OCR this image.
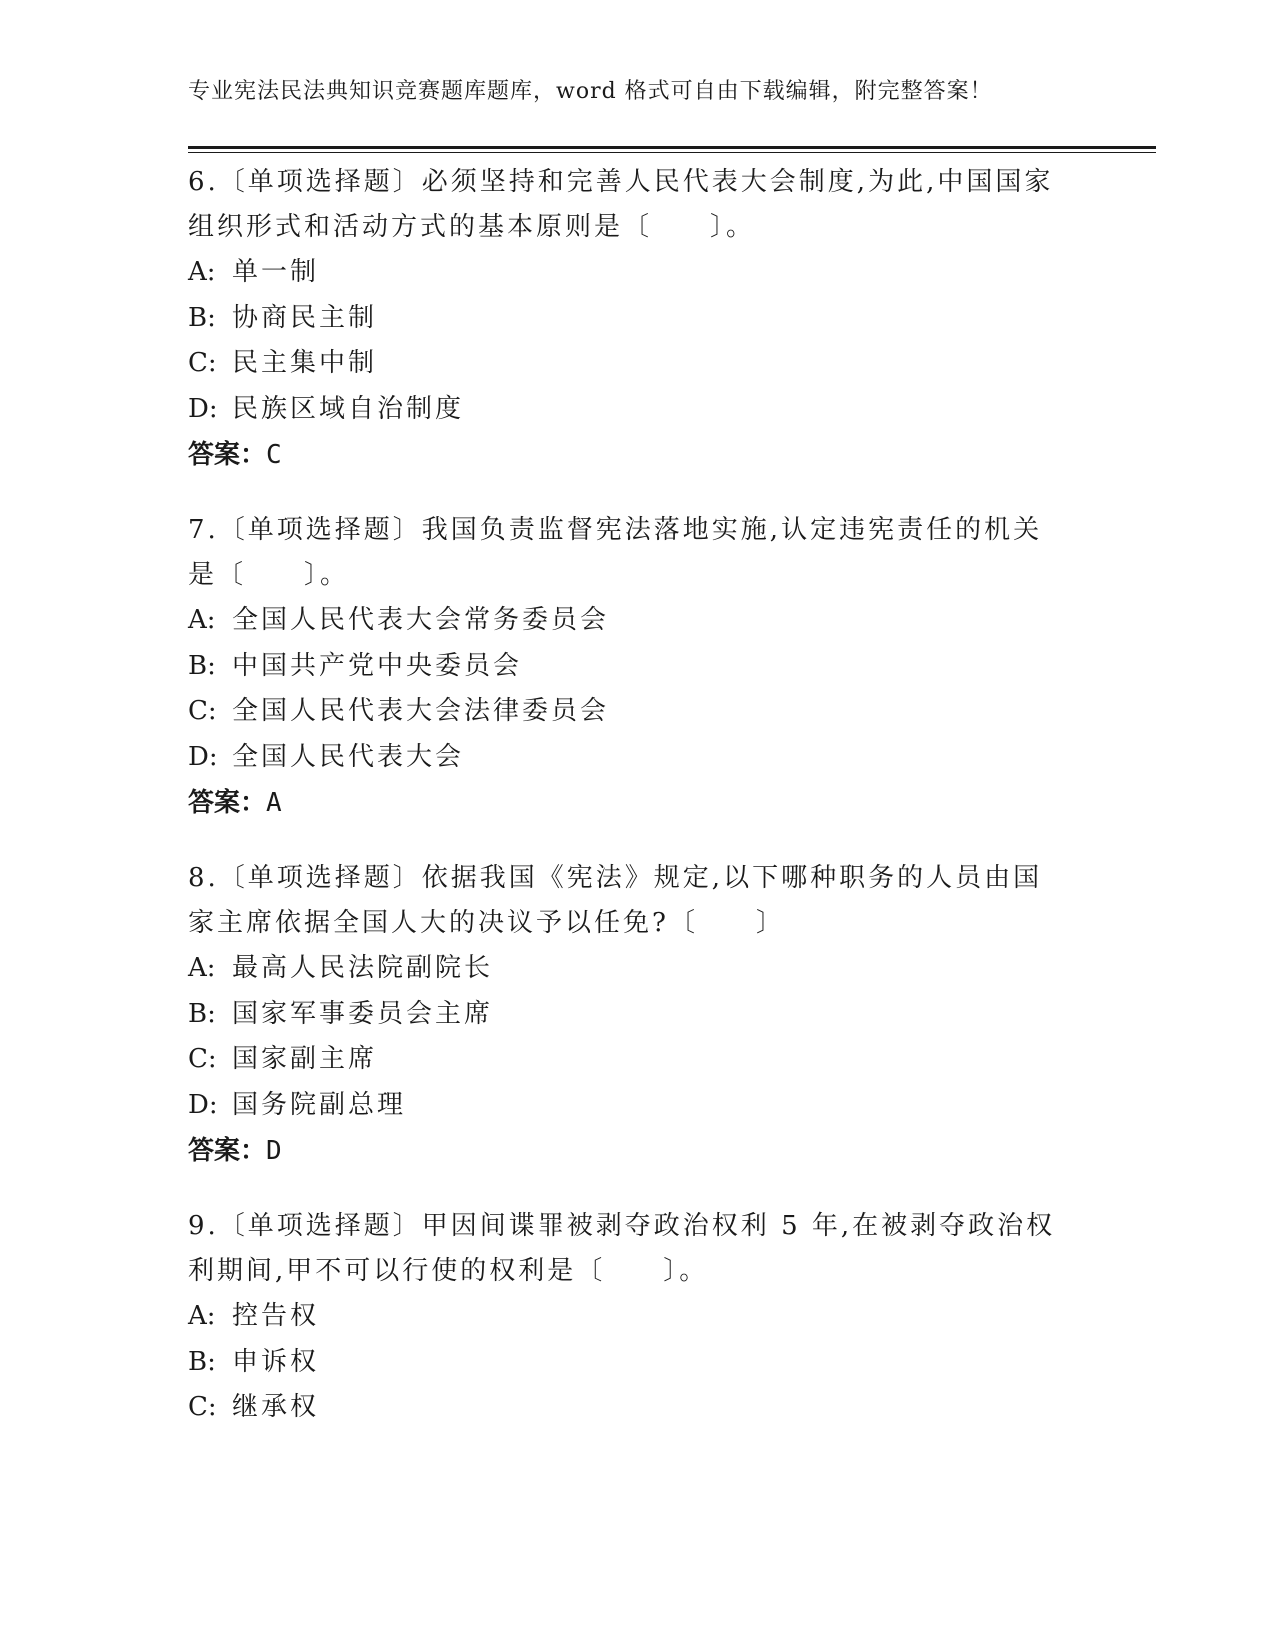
专业宪法民法典知识竞赛题库题库，word 格式可自由下载编辑，附完整答案！

6.〔单项选择题〕必须坚持和完善人民代表大会制度,为此,中国国家组织形式和活动方式的基本原则是〔　　〕。

A: 单一制

B: 协商民主制

C: 民主集中制

D: 民族区域自治制度

答案：C

7.〔单项选择题〕我国负责监督宪法落地实施,认定违宪责任的机关是〔　　〕。

A: 全国人民代表大会常务委员会

B: 中国共产党中央委员会

C: 全国人民代表大会法律委员会

D: 全国人民代表大会

答案：A

8.〔单项选择题〕依据我国《宪法》规定,以下哪种职务的人员由国家主席依据全国人大的决议予以任免?〔　　〕

A: 最高人民法院副院长

B: 国家军事委员会主席

C: 国家副主席

D: 国务院副总理

答案：D

9.〔单项选择题〕甲因间谍罪被剥夺政治权利 5 年,在被剥夺政治权利期间,甲不可以行使的权利是〔　　〕。

A: 控告权

B: 申诉权

C: 继承权
